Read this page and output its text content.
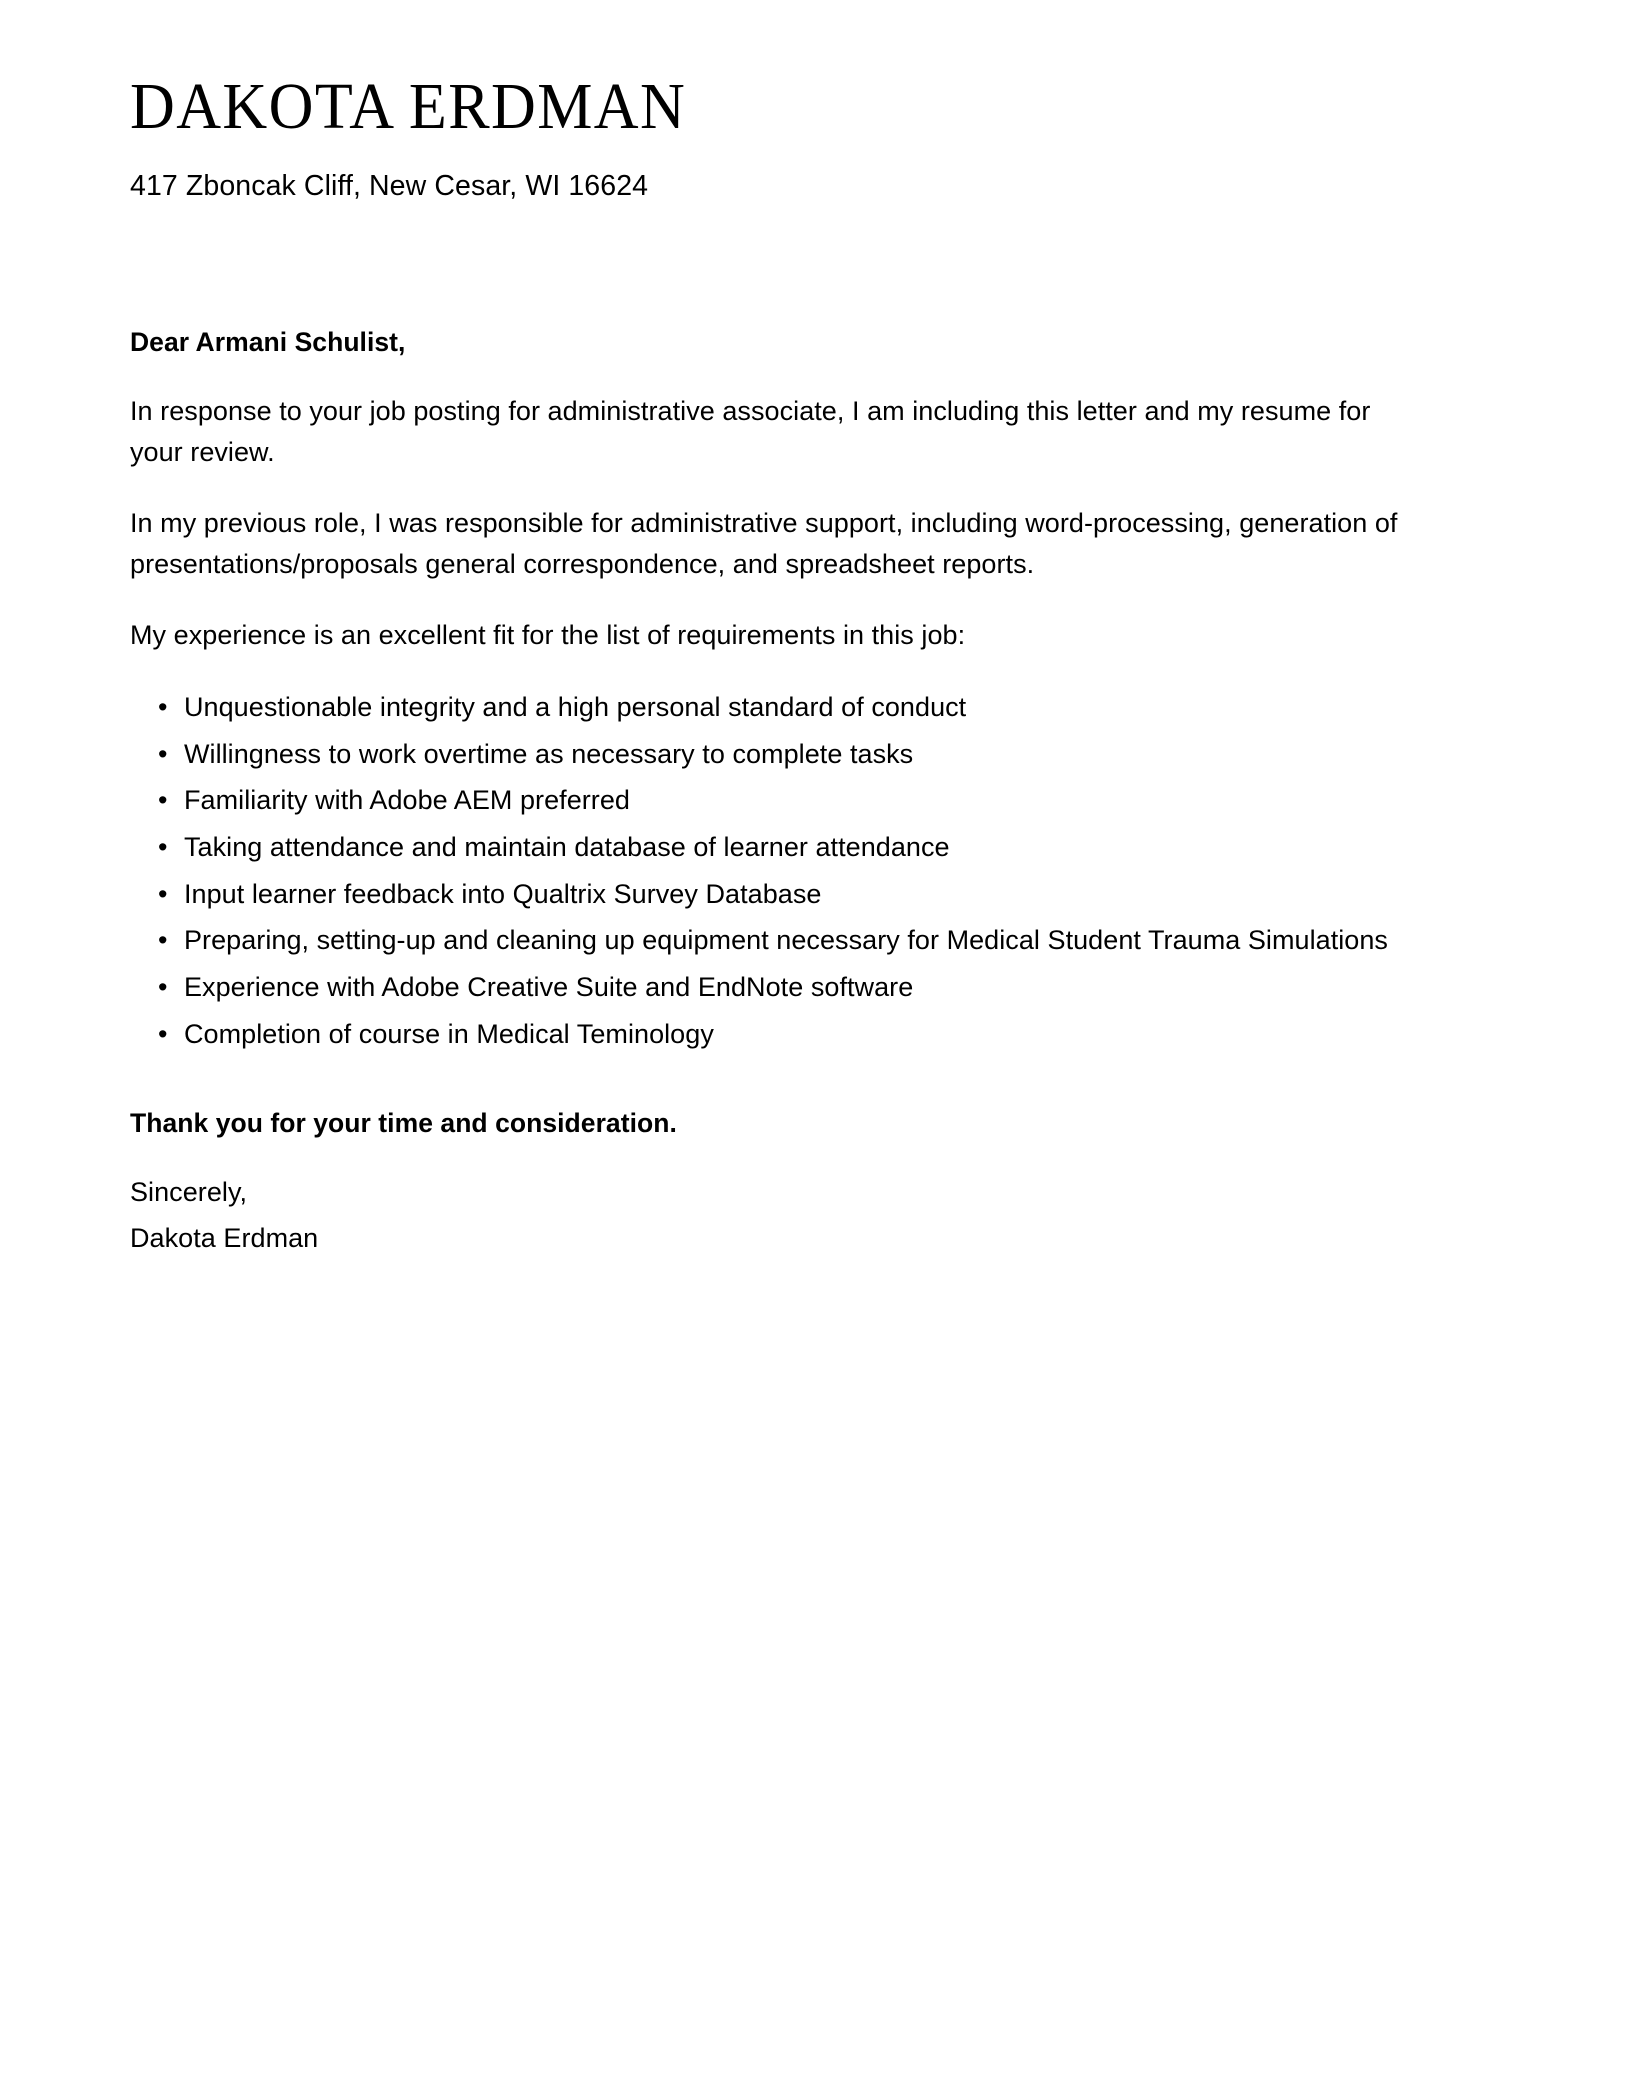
DAKOTA ERDMAN
417 Zboncak Cliff, New Cesar, WI 16624
Dear Armani Schulist,

In response to your job posting for administrative associate, I am including this letter and my resume for your review.

In my previous role, I was responsible for administrative support, including word-processing, generation of presentations/proposals general correspondence, and spreadsheet reports.

My experience is an excellent fit for the list of requirements in this job:

• Unquestionable integrity and a high personal standard of conduct
• Willingness to work overtime as necessary to complete tasks
• Familiarity with Adobe AEM preferred
• Taking attendance and maintain database of learner attendance
• Input learner feedback into Qualtrix Survey Database
• Preparing, setting-up and cleaning up equipment necessary for Medical Student Trauma Simulations
• Experience with Adobe Creative Suite and EndNote software
• Completion of course in Medical Teminology
Thank you for your time and consideration.
Sincerely,
Dakota Erdman
